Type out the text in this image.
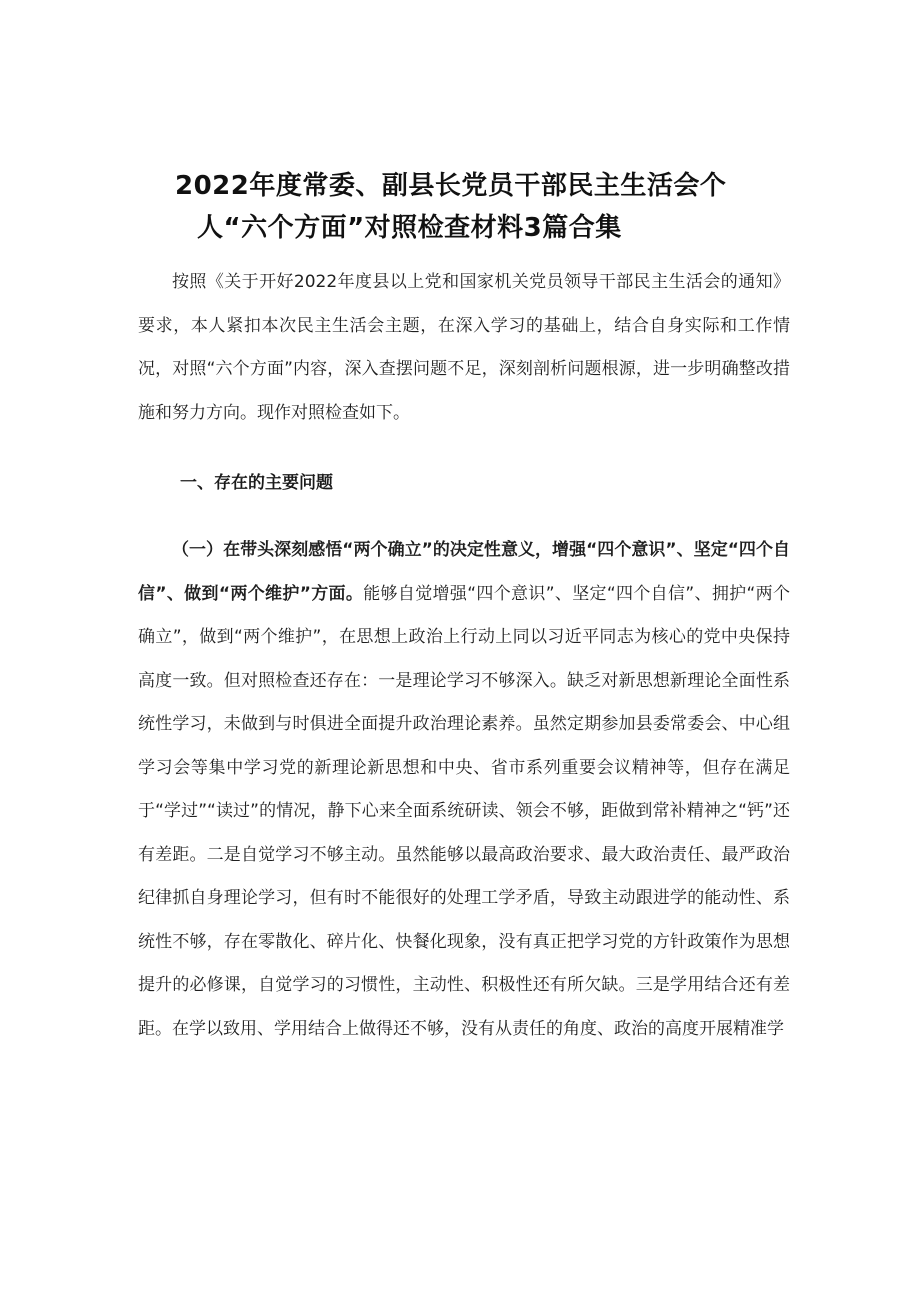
2022年度常委、副县长党员干部民主生活会个
人“六个方面”对照检查材料3篇合集

按照《关于开好2022年度县以上党和国家机关党员领导干部民主生活会的通知》要求，本人紧扣本次民主生活会主题，在深入学习的基础上，结合自身实际和工作情况，对照“六个方面”内容，深入查摆问题不足，深刻剖析问题根源，进一步明确整改措施和努力方向。现作对照检查如下。

一、存在的主要问题

（一）在带头深刻感悟“两个确立”的决定性意义，增强“四个意识”、坚定“四个自信”、做到“两个维护”方面。能够自觉增强“四个意识”、坚定“四个自信”、拥护“两个确立”，做到“两个维护”，在思想上政治上行动上同以习近平同志为核心的党中央保持高度一致。但对照检查还存在：一是理论学习不够深入。缺乏对新思想新理论全面性系统性学习，未做到与时俱进全面提升政治理论素养。虽然定期参加县委常委会、中心组学习会等集中学习党的新理论新思想和中央、省市系列重要会议精神等，但存在满足于“学过”“读过”的情况，静下心来全面系统研读、领会不够，距做到常补精神之“钙”还有差距。二是自觉学习不够主动。虽然能够以最高政治要求、最大政治责任、最严政治纪律抓自身理论学习，但有时不能很好的处理工学矛盾，导致主动跟进学的能动性、系统性不够，存在零散化、碎片化、快餐化现象，没有真正把学习党的方针政策作为思想提升的必修课，自觉学习的习惯性，主动性、积极性还有所欠缺。三是学用结合还有差距。在学以致用、学用结合上做得还不够，没有从责任的角度、政治的高度开展精准学
